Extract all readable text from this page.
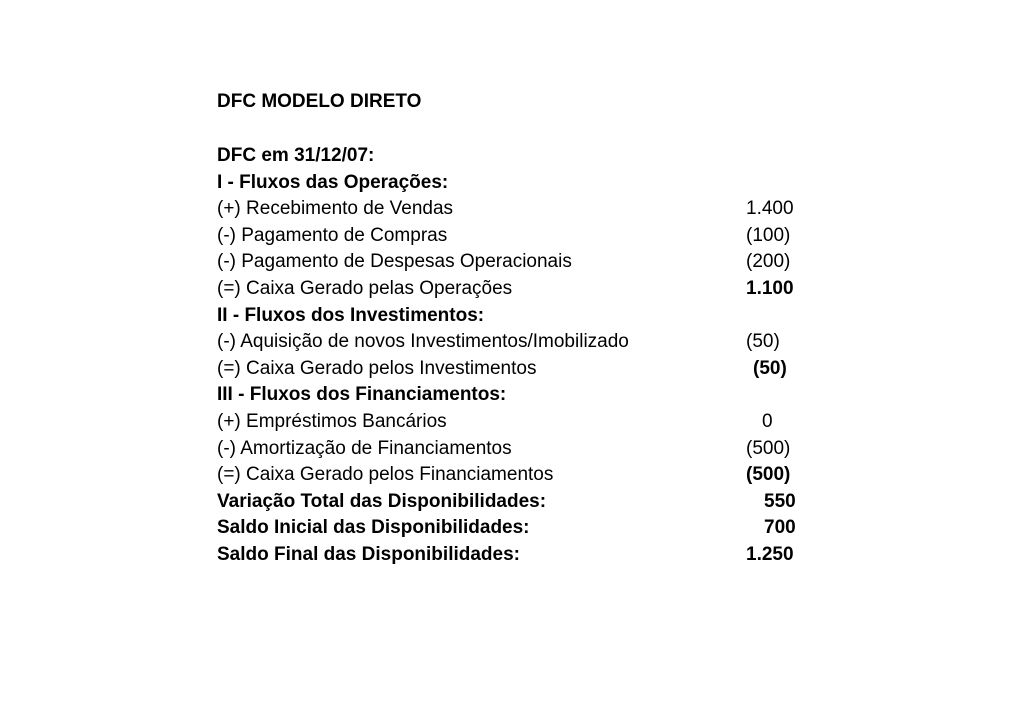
DFC MODELO DIRETO
DFC em 31/12/07:
I - Fluxos das Operações:
(+) Recebimento de Vendas	1.400
(-) Pagamento de Compras	(100)
(-) Pagamento de Despesas Operacionais	(200)
(=) Caixa Gerado pelas Operações	1.100
II - Fluxos dos Investimentos:
(-) Aquisição de novos Investimentos/Imobilizado	(50)
(=) Caixa Gerado pelos Investimentos	(50)
III - Fluxos dos Financiamentos:
(+) Empréstimos Bancários	0
(-) Amortização de Financiamentos	(500)
(=) Caixa Gerado pelos Financiamentos	(500)
Variação Total das Disponibilidades:	550
Saldo Inicial das Disponibilidades:	700
Saldo Final das Disponibilidades:	1.250
